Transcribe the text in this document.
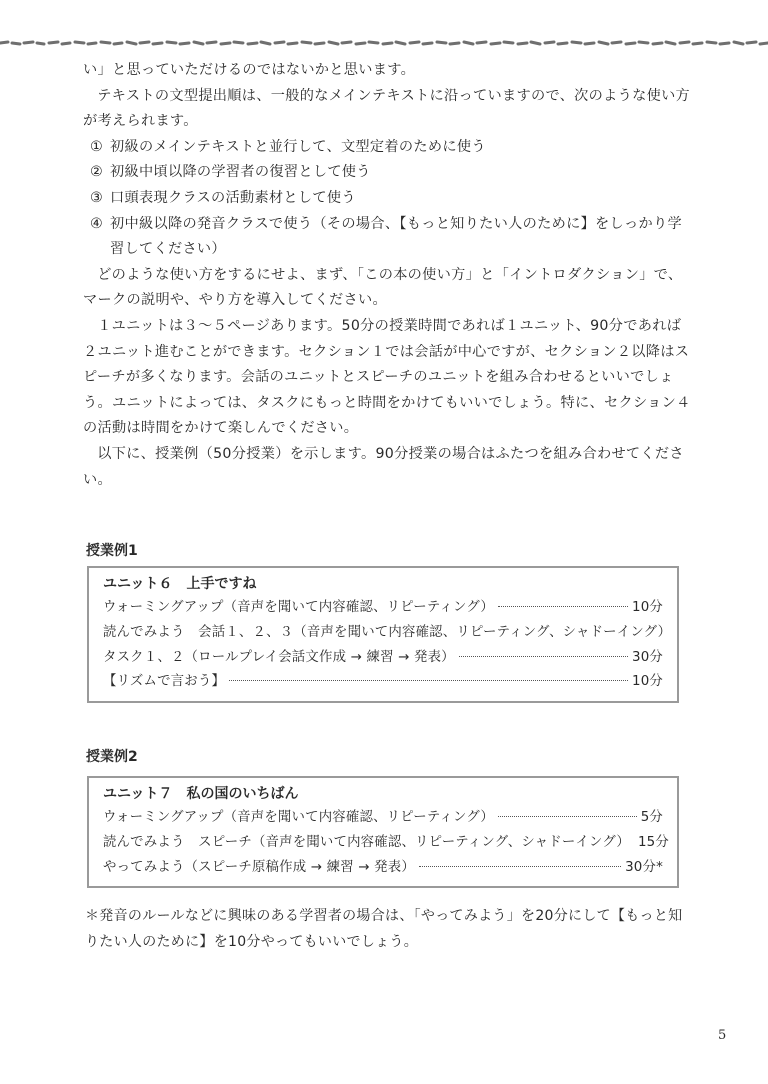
い」と思っていただけるのではないかと思います。

テキストの文型提出順は、一般的なメインテキストに沿っていますので、次のような使い方が考えられます。

① 初級のメインテキストと並行して、文型定着のために使う
② 初級中頃以降の学習者の復習として使う
③ 口頭表現クラスの活動素材として使う
④ 初中級以降の発音クラスで使う（その場合、【もっと知りたい人のために】をしっかり学習してください）

どのような使い方をするにせよ、まず、「この本の使い方」と「イントロダクション」で、マークの説明や、やり方を導入してください。

１ユニットは３～５ページあります。50分の授業時間であれば１ユニット、90分であれば２ユニット進むことができます。セクション１では会話が中心ですが、セクション２以降はスピーチが多くなります。会話のユニットとスピーチのユニットを組み合わせるといいでしょう。ユニットによっては、タスクにもっと時間をかけてもいいでしょう。特に、セクション４の活動は時間をかけて楽しんでください。

以下に、授業例（50分授業）を示します。90分授業の場合はふたつを組み合わせてください。

授業例1
ユニット６　上手ですね
ウォーミングアップ（音声を聞いて内容確認、リピーティング）	10分
読んでみよう　会話１、２、３（音声を聞いて内容確認、リピーティング、シャドーイング）
タスク１、２（ロールプレイ会話文作成 → 練習 → 発表）	30分
【リズムで言おう】	10分
授業例2
ユニット７　私の国のいちばん
ウォーミングアップ（音声を聞いて内容確認、リピーティング）	5分
読んでみよう　スピーチ（音声を聞いて内容確認、リピーティング、シャドーイング） 15分
やってみよう（スピーチ原稿作成 → 練習 → 発表）	30分*
＊発音のルールなどに興味のある学習者の場合は、「やってみよう」を20分にして【もっと知りたい人のために】を10分やってもいいでしょう。
5
